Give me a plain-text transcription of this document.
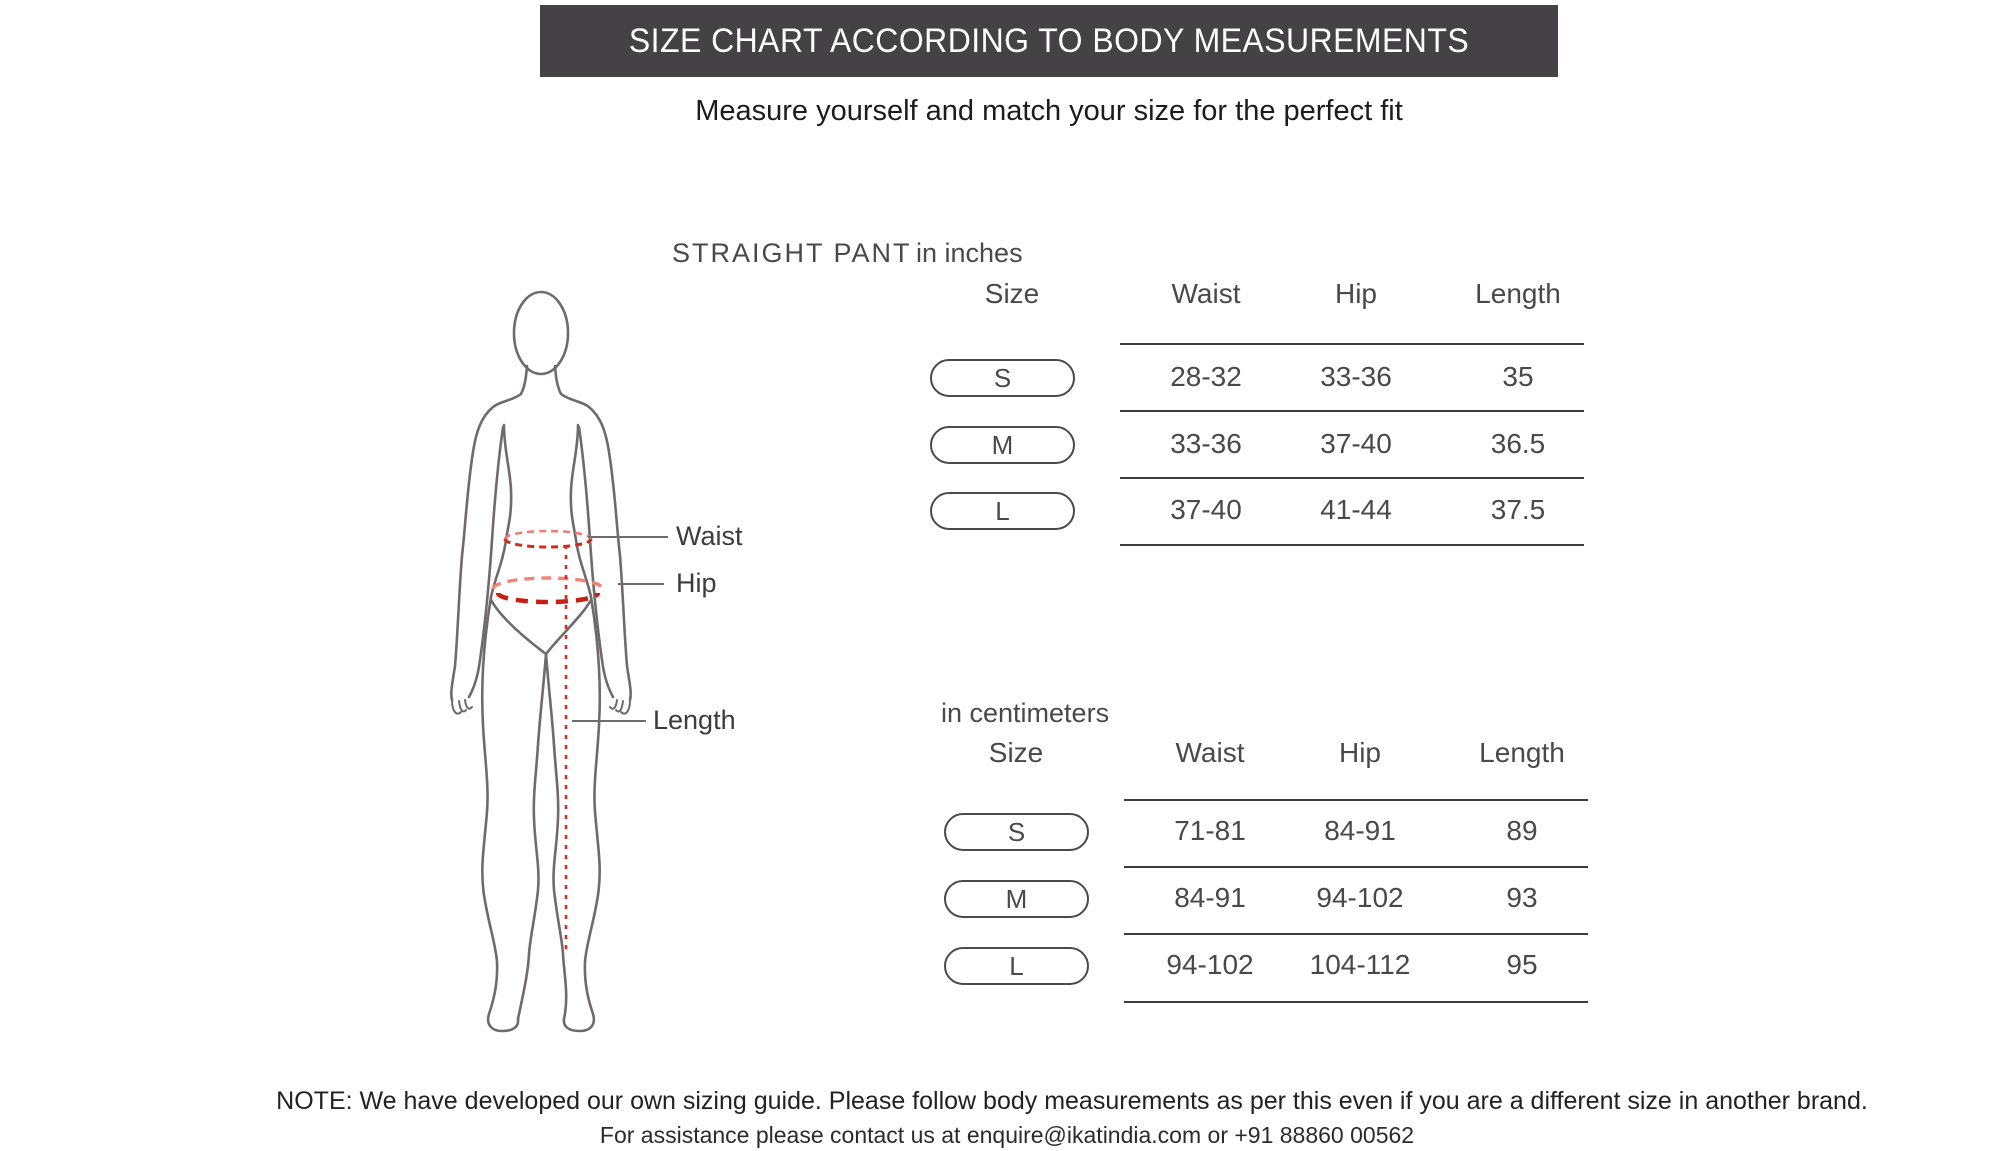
SIZE CHART ACCORDING TO BODY MEASUREMENTS
Measure yourself and match your size for the perfect fit
Waist
Hip
Length
STRAIGHT PANT in inches
Size	Waist	Hip	Length
S	28-32	33-36	35
M	33-36	37-40	36.5
L	37-40	41-44	37.5
in centimeters
Size	Waist	Hip	Length
S	71-81	84-91	89
M	84-91	94-102	93
L	94-102	104-112	95
NOTE: We have developed our own sizing guide. Please follow body measurements as per this even if you are a different size in another brand.
For assistance please contact us at enquire@ikatindia.com or +91 88860 00562
